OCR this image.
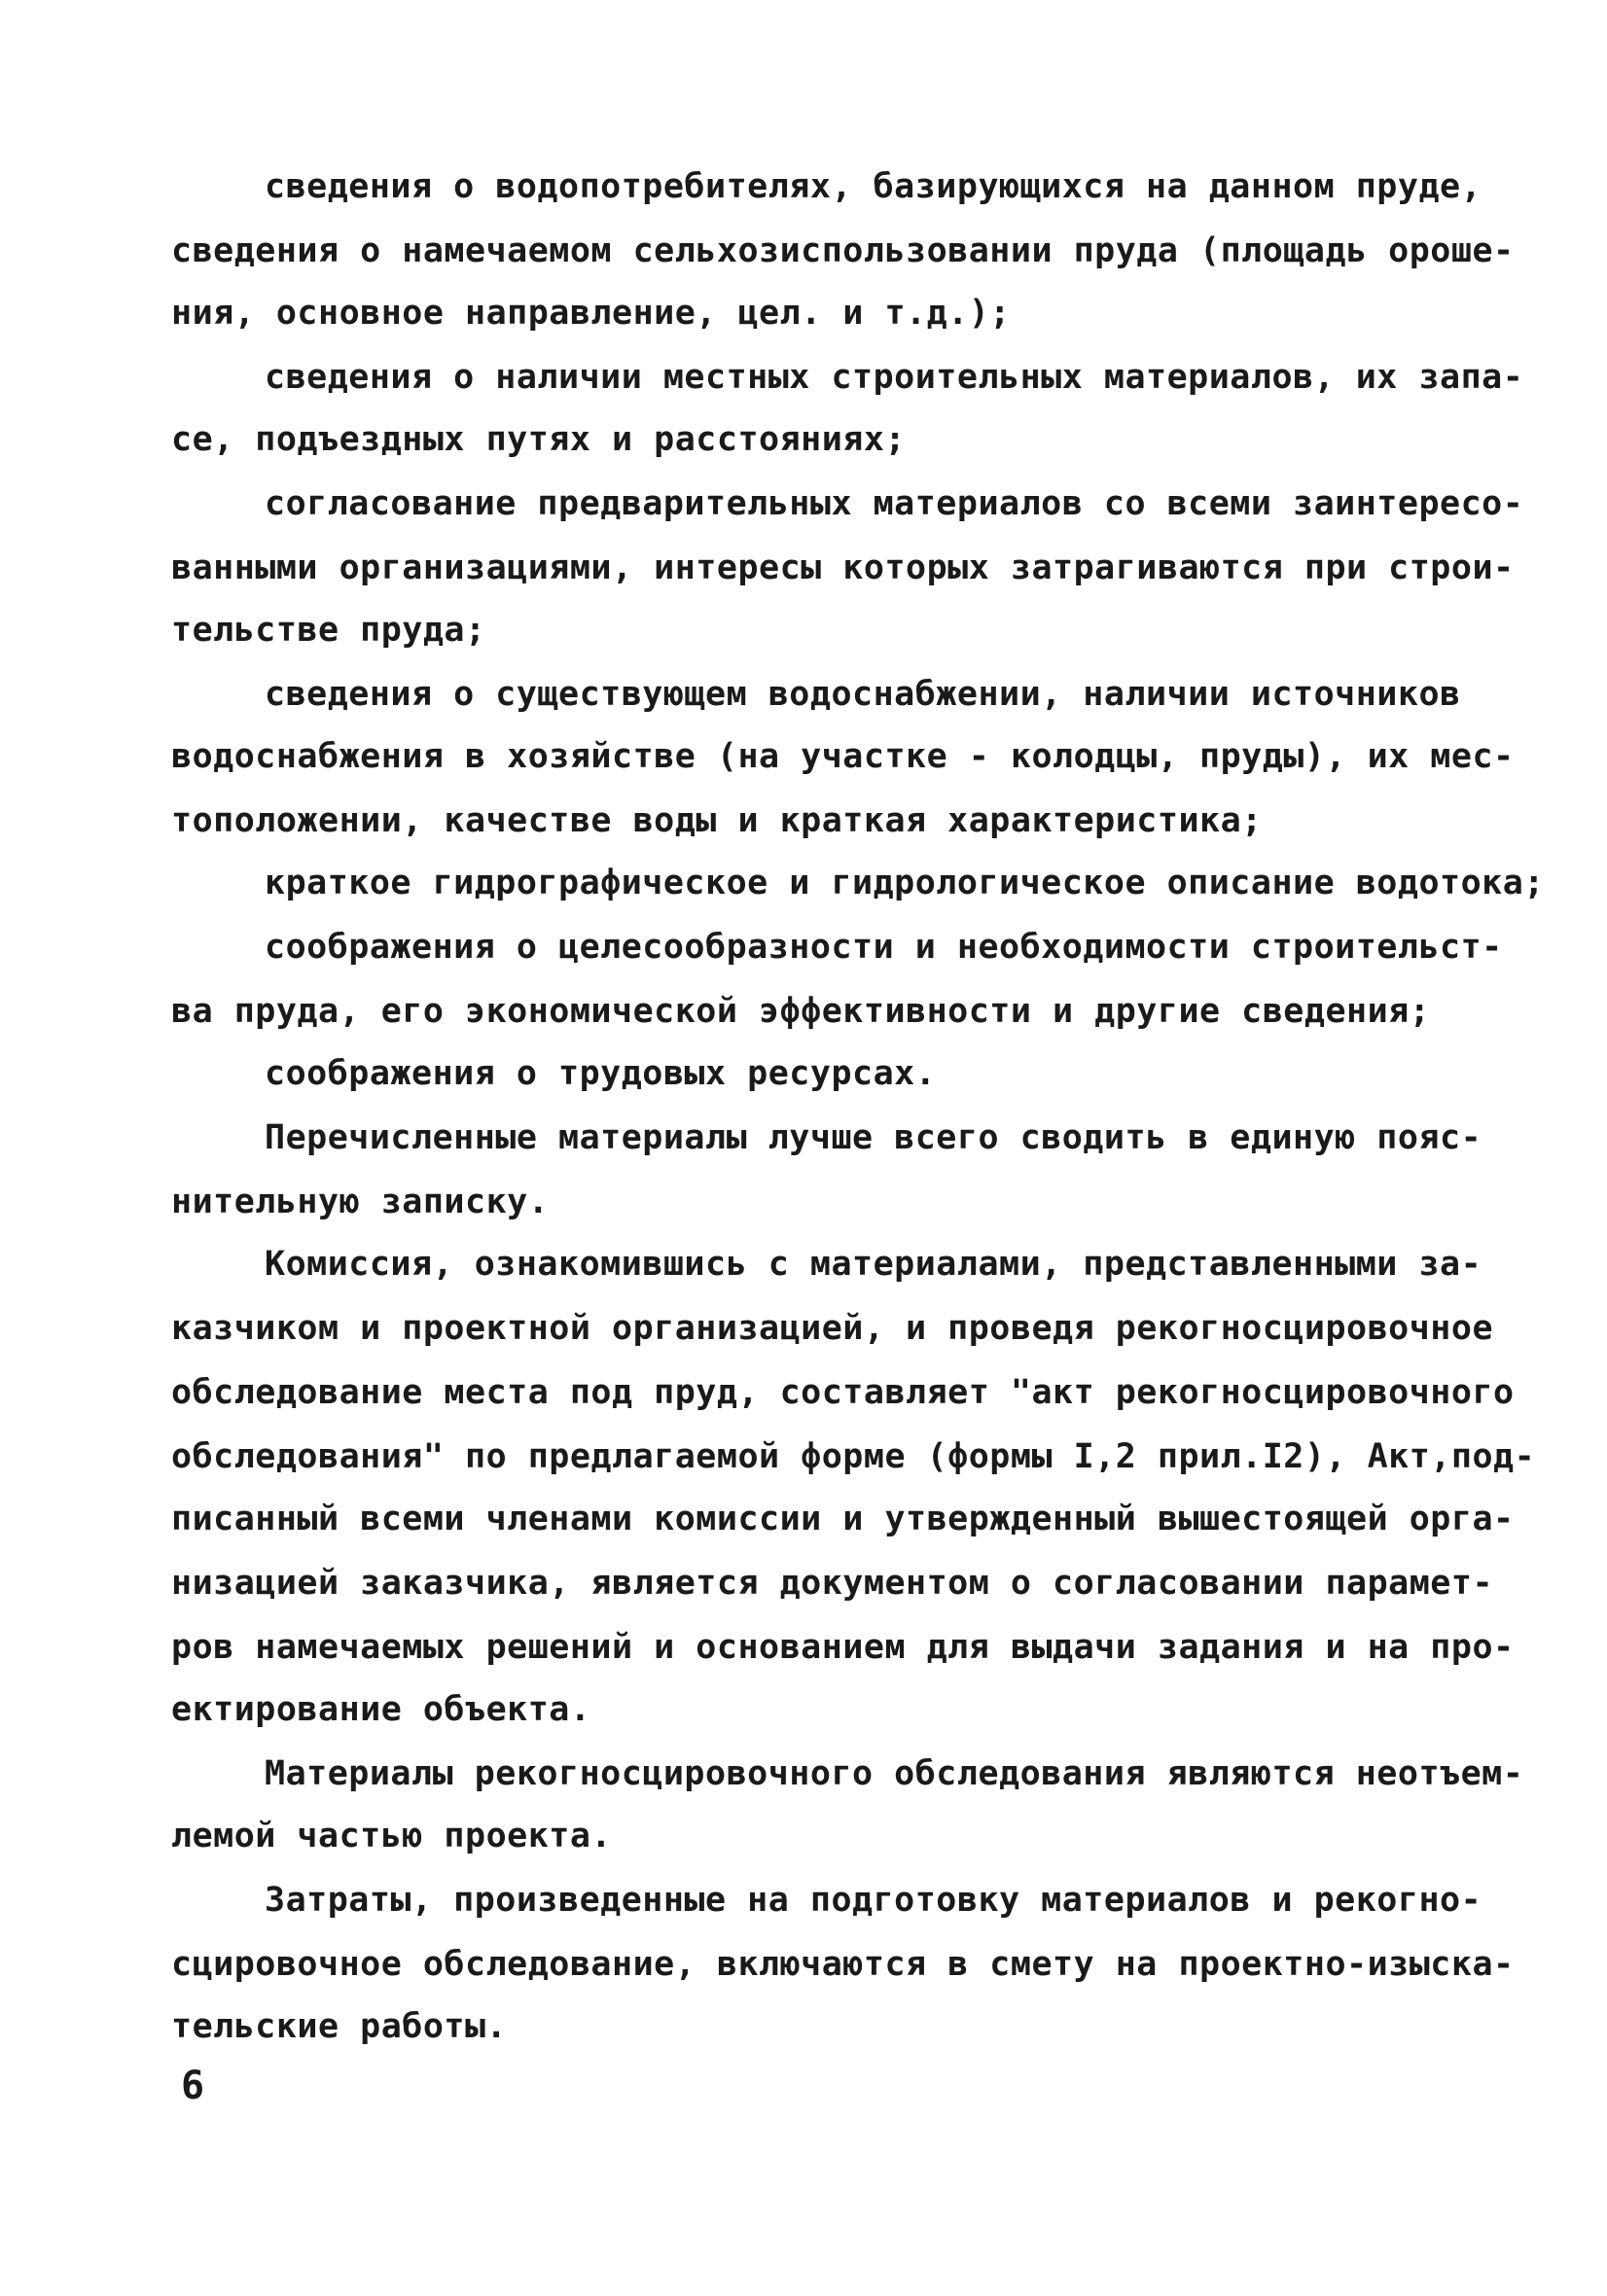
сведения о водопотребителях, базирующихся на данном пруде,
сведения о намечаемом сельхозиспользовании пруда (площадь ороше-
ния, основное направление, цел. и т.д.);
сведения о наличии местных строительных материалов, их запа-
се, подъездных путях и расстояниях;
согласование предварительных материалов со всеми заинтересо-
ванными организациями, интересы которых затрагиваются при строи-
тельстве пруда;
сведения о существующем водоснабжении, наличии источников
водоснабжения в хозяйстве (на участке - колодцы, пруды), их мес-
тоположении, качестве воды и краткая характеристика;
краткое гидрографическое и гидрологическое описание водотока;
соображения о целесообразности и необходимости строительст-
ва пруда, его экономической эффективности и другие сведения;
соображения о трудовых ресурсах.
Перечисленные материалы лучше всего сводить в единую пояс-
нительную записку.
Комиссия, ознакомившись с материалами, представленными за-
казчиком и проектной организацией, и проведя рекогносцировочное
обследование места под пруд, составляет "акт рекогносцировочного
обследования" по предлагаемой форме (формы I,2 прил.I2), Акт,под-
писанный всеми членами комиссии и утвержденный вышестоящей орга-
низацией заказчика, является документом о согласовании парамет-
ров намечаемых решений и основанием для выдачи задания и на про-
ектирование объекта.
Материалы рекогносцировочного обследования являются неотъем-
лемой частью проекта.
Затраты, произведенные на подготовку материалов и рекогно-
сцировочное обследование, включаются в смету на проектно-изыска-
тельские работы.
6
